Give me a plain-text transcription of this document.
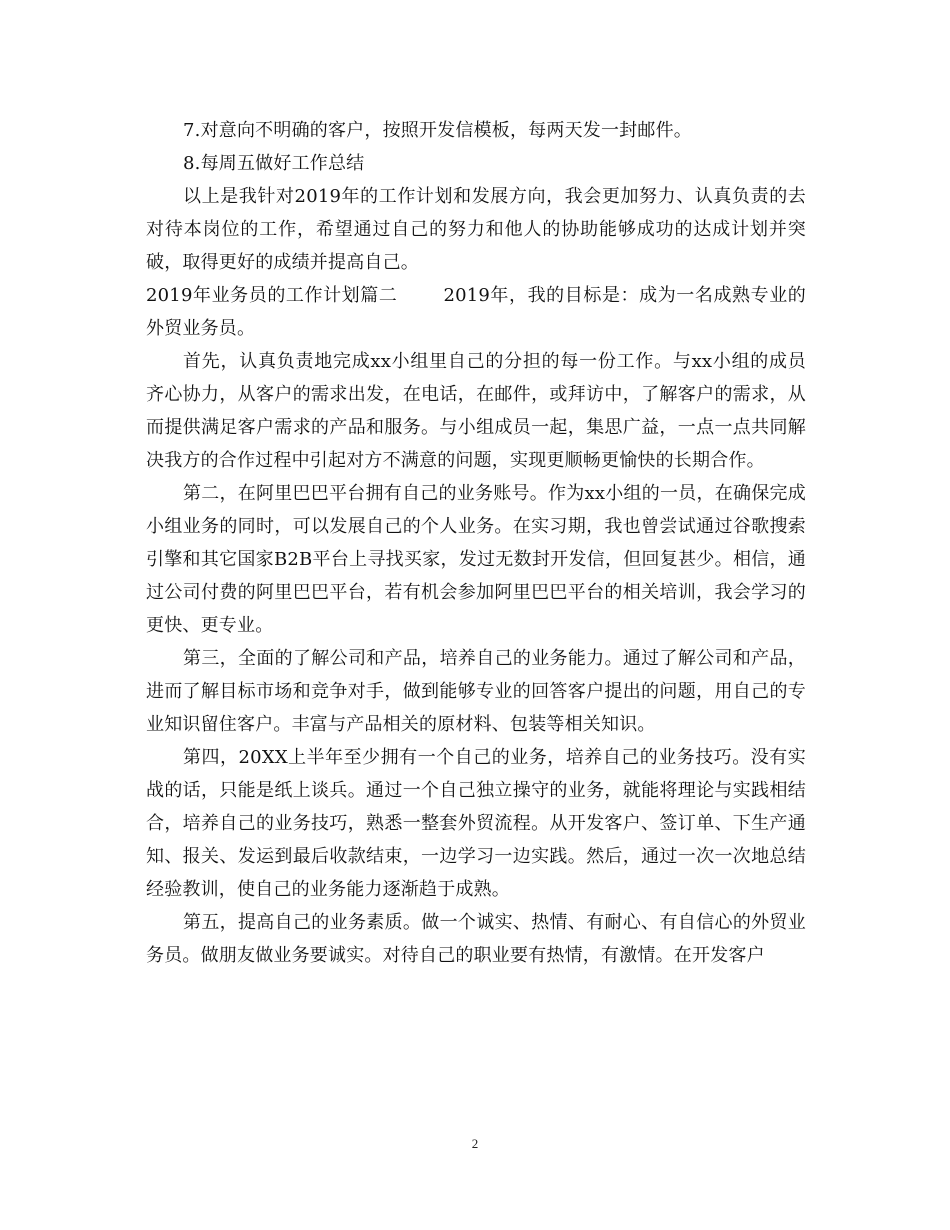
7.对意向不明确的客户，按照开发信模板，每两天发一封邮件。

8.每周五做好工作总结

以上是我针对2019年的工作计划和发展方向，我会更加努力、认真负责的去对待本岗位的工作，希望通过自己的努力和他人的协助能够成功的达成计划并突破，取得更好的成绩并提高自己。

2019年业务员的工作计划篇二	2019年，我的目标是：成为一名成熟专业的外贸业务员。

首先，认真负责地完成xx小组里自己的分担的每一份工作。与xx小组的成员齐心协力，从客户的需求出发，在电话，在邮件，或拜访中，了解客户的需求，从而提供满足客户需求的产品和服务。与小组成员一起，集思广益，一点一点共同解决我方的合作过程中引起对方不满意的问题，实现更顺畅更愉快的长期合作。

第二，在阿里巴巴平台拥有自己的业务账号。作为xx小组的一员，在确保完成小组业务的同时，可以发展自己的个人业务。在实习期，我也曾尝试通过谷歌搜索引擎和其它国家B2B平台上寻找买家，发过无数封开发信，但回复甚少。相信，通过公司付费的阿里巴巴平台，若有机会参加阿里巴巴平台的相关培训，我会学习的更快、更专业。

第三，全面的了解公司和产品，培养自己的业务能力。通过了解公司和产品，进而了解目标市场和竞争对手，做到能够专业的回答客户提出的问题，用自己的专业知识留住客户。丰富与产品相关的原材料、包装等相关知识。

第四，20XX上半年至少拥有一个自己的业务，培养自己的业务技巧。没有实战的话，只能是纸上谈兵。通过一个自己独立操守的业务，就能将理论与实践相结合，培养自己的业务技巧，熟悉一整套外贸流程。从开发客户、签订单、下生产通知、报关、发运到最后收款结束，一边学习一边实践。然后，通过一次一次地总结经验教训，使自己的业务能力逐渐趋于成熟。

第五，提高自己的业务素质。做一个诚实、热情、有耐心、有自信心的外贸业务员。做朋友做业务要诚实。对待自己的职业要有热情，有激情。在开发客户

2
